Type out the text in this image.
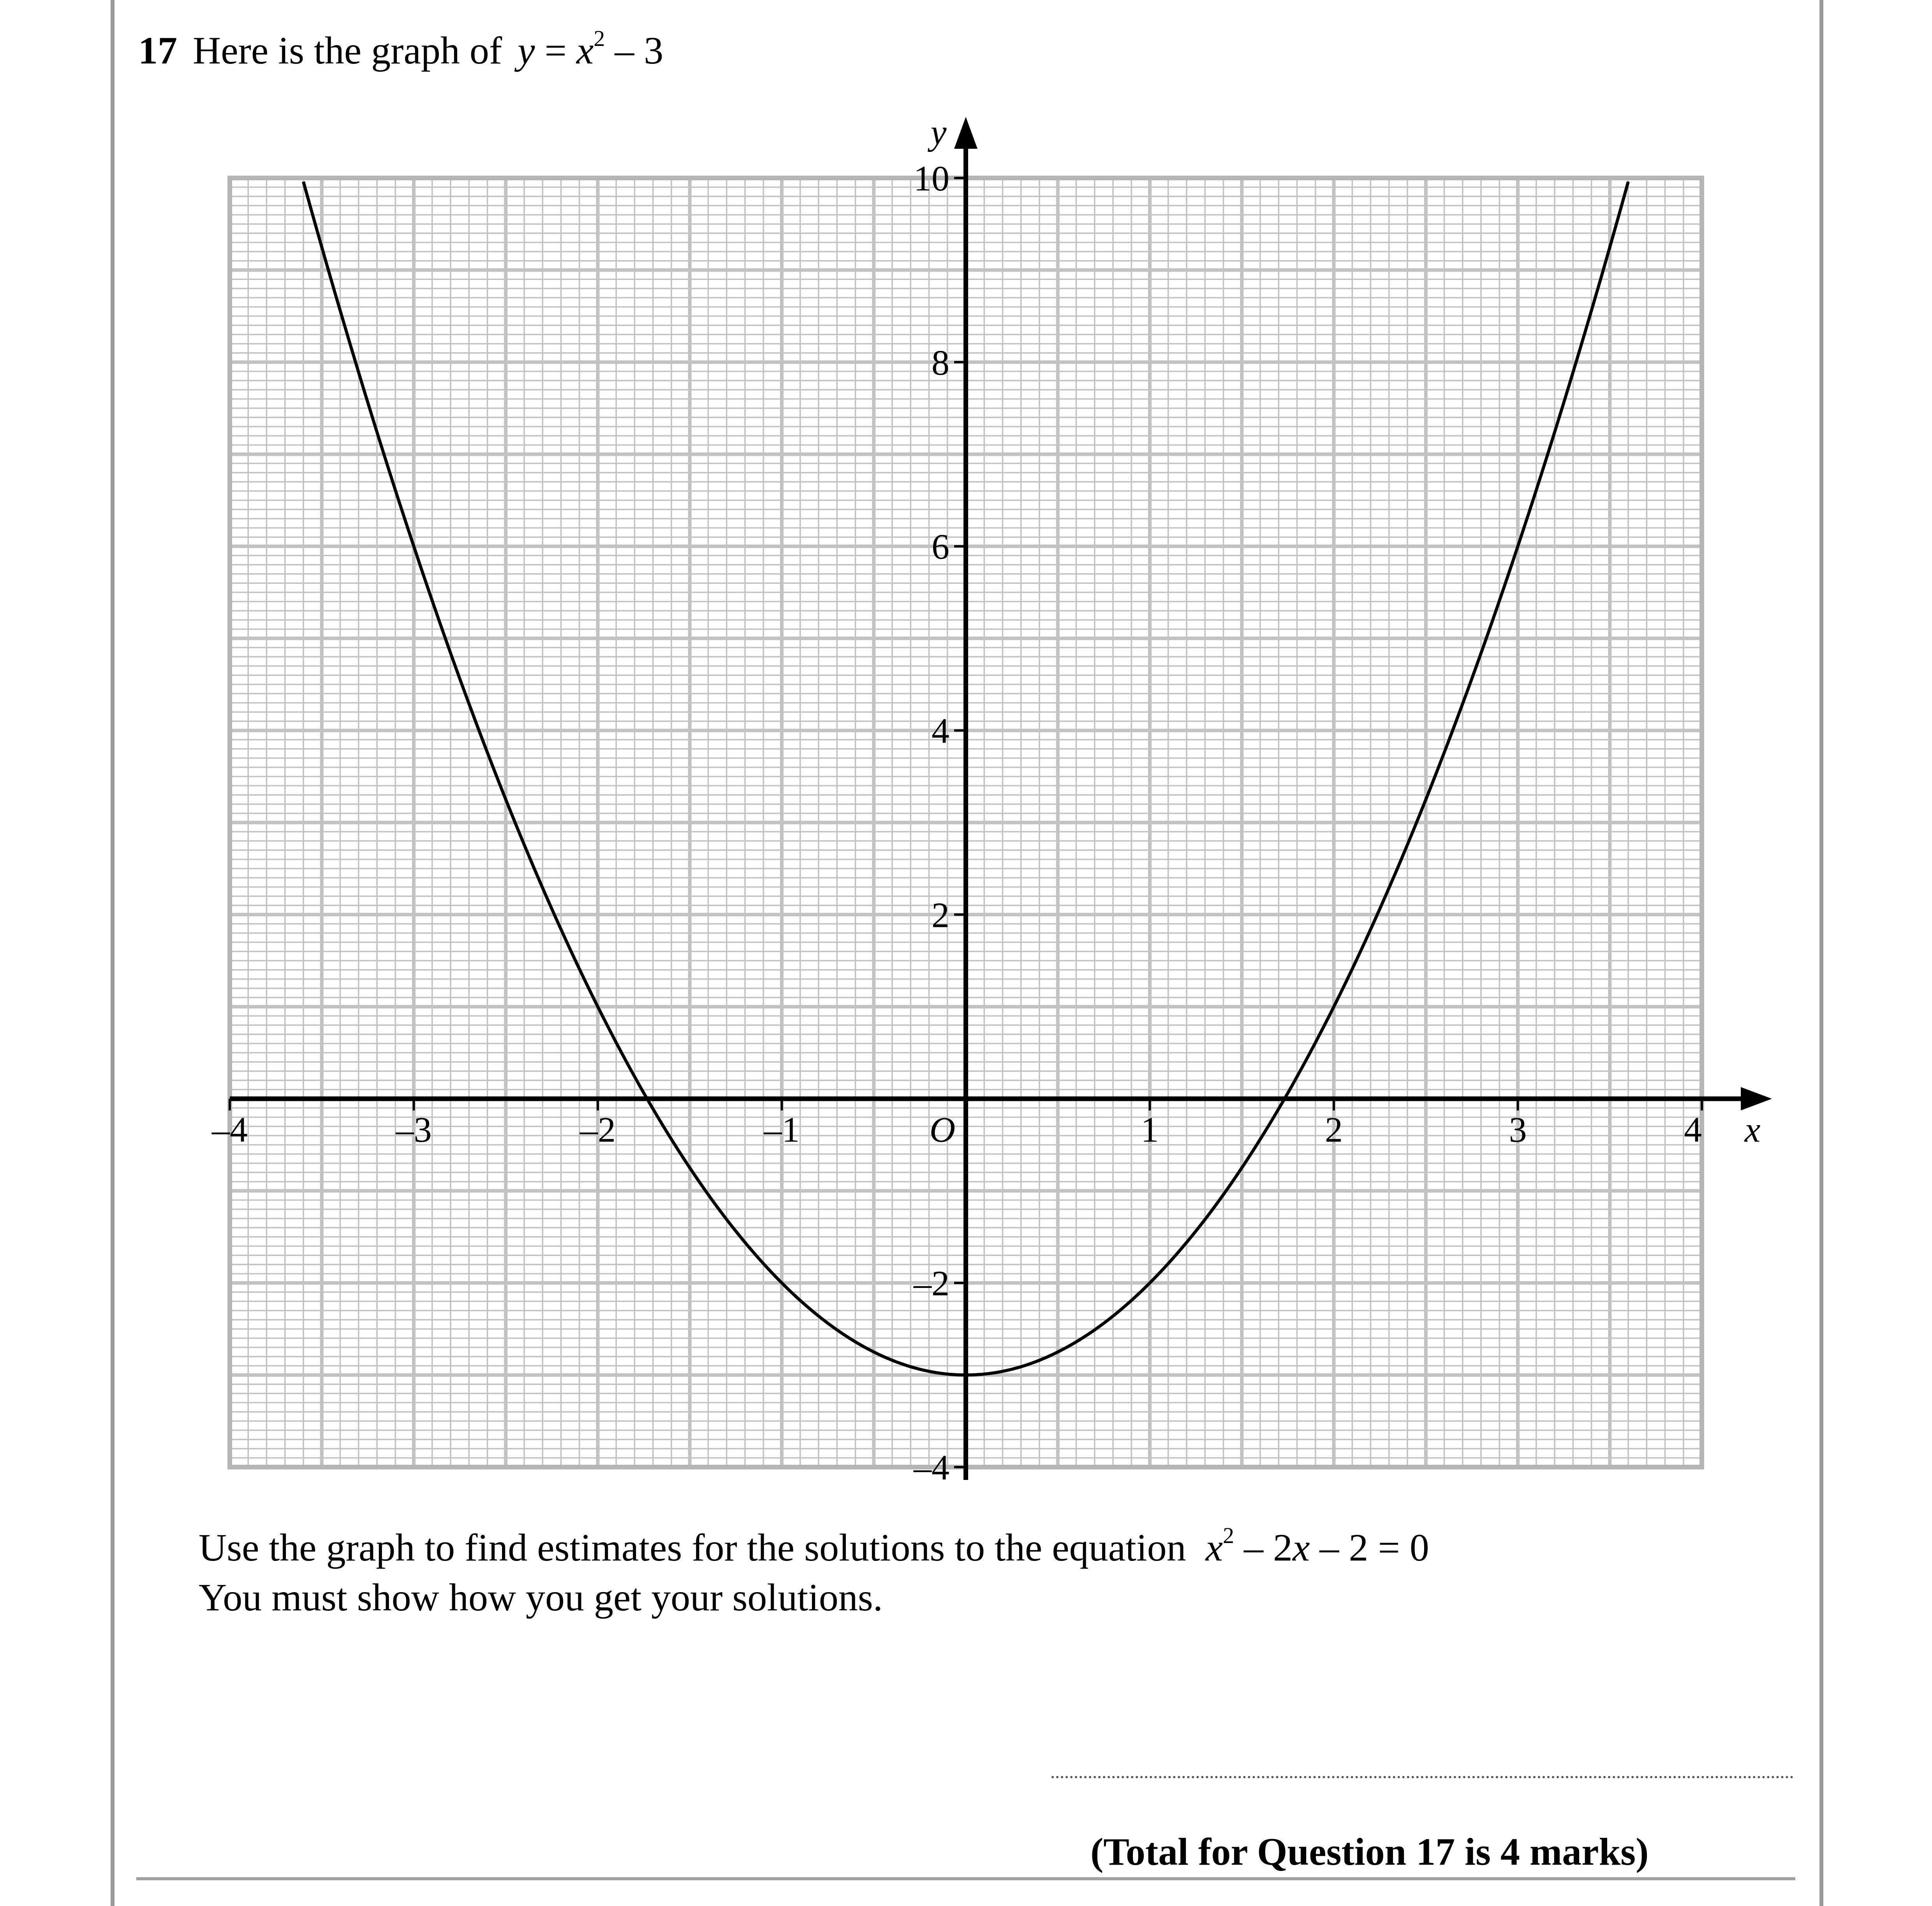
17 Here is the graph of $y = x^2 - 3$
–4	–3	–2	–1	1	2	3	4
–4
–2
2
4
6
8
10
O	x
y
Use the graph to find estimates for the solutions to the equation $x^2 - 2x - 2 = 0$
You must show how you get your solutions.
(Total for Question 17 is 4 marks)
